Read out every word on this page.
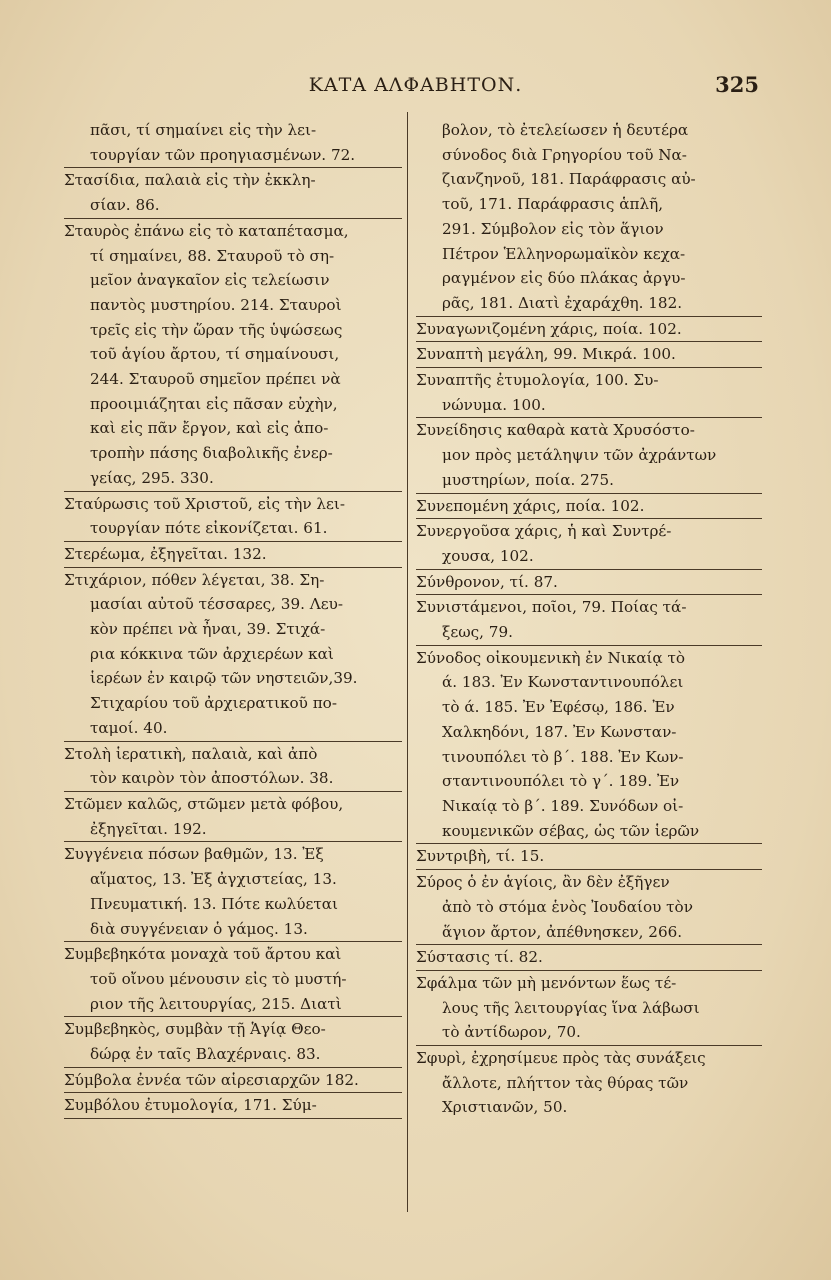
ΚΑΤΑ ΑΛΦΑΒΗΤΟΝ.	325
πᾶσι, τί σημαίνει εἰς τὴν λει-
τουργίαν τῶν προηγιασμένων. 72.
Στασίδια, παλαιὰ εἰς τὴν ἐκκλη-
σίαν. 86.
Σταυρὸς ἐπάνω εἰς τὸ καταπέτασμα,
τί σημαίνει, 88. Σταυροῦ τὸ ση-
μεῖον ἀναγκαῖον εἰς τελείωσιν
παντὸς μυστηρίου. 214. Σταυροὶ
τρεῖς εἰς τὴν ὥραν τῆς ὑψώσεως
τοῦ ἁγίου ἄρτου, τί σημαίνουσι,
244. Σταυροῦ σημεῖον πρέπει νὰ
προοιμιάζηται εἰς πᾶσαν εὐχὴν,
καὶ εἰς πᾶν ἔργον, καὶ εἰς ἀπο-
τροπὴν πάσης διαβολικῆς ἐνερ-
γείας, 295. 330.
Σταύρωσις τοῦ Χριστοῦ, εἰς τὴν λει-
τουργίαν πότε εἰκονίζεται. 61.
Στερέωμα, ἐξηγεῖται. 132.
Στιχάριον, πόθεν λέγεται, 38. Ση-
μασίαι αὐτοῦ τέσσαρες, 39. Λευ-
κὸν πρέπει νὰ ἦναι, 39. Στιχά-
ρια κόκκινα τῶν ἀρχιερέων καὶ
ἱερέων ἐν καιρῷ τῶν νηστειῶν,39.
Στιχαρίου τοῦ ἀρχιερατικοῦ πο-
ταμοί. 40.
Στολὴ ἱερατικὴ, παλαιὰ, καὶ ἀπὸ
τὸν καιρὸν τὸν ἀποστόλων. 38.
Στῶμεν καλῶς, στῶμεν μετὰ φόβου,
ἐξηγεῖται. 192.
Συγγένεια πόσων βαθμῶν, 13. Ἐξ
αἵματος, 13. Ἐξ ἀγχιστείας, 13.
Πνευματική. 13. Πότε κωλύεται
διὰ συγγένειαν ὁ γάμος. 13.
Συμβεβηκότα μοναχὰ τοῦ ἄρτου καὶ
τοῦ οἴνου μένουσιν εἰς τὸ μυστή-
ριον τῆς λειτουργίας, 215. Διατὶ
Συμβεβηκὸς, συμβὰν τῇ Ἁγίᾳ Θεο-
δώρᾳ ἐν ταῖς Βλαχέρναις. 83.
Σύμβολα ἐννέα τῶν αἱρεσιαρχῶν 182.
Συμβόλου ἐτυμολογία, 171. Σύμ-
βολον, τὸ ἐτελείωσεν ἡ δευτέρα
σύνοδος διὰ Γρηγορίου τοῦ Να-
ζιανζηνοῦ, 181. Παράφρασις αὐ-
τοῦ, 171. Παράφρασις ἁπλῆ,
291. Σύμβολον εἰς τὸν ἅγιον
Πέτρον Ἑλληνορωμαϊκὸν κεχα-
ραγμένον εἰς δύο πλάκας ἀργυ-
ρᾶς, 181. Διατὶ ἐχαράχθη. 182.
Συναγωνιζομένη χάρις, ποία. 102.
Συναπτὴ μεγάλη, 99. Μικρά. 100.
Συναπτῆς ἐτυμολογία, 100. Συ-
νώνυμα. 100.
Συνείδησις καθαρὰ κατὰ Χρυσόστο-
μον πρὸς μετάληψιν τῶν ἀχράντων
μυστηρίων, ποία. 275.
Συνεπομένη χάρις, ποία. 102.
Συνεργοῦσα χάρις, ἡ καὶ Συντρέ-
χουσα, 102.
Σύνθρονον, τί. 87.
Συνιστάμενοι, ποῖοι, 79. Ποίας τά-
ξεως, 79.
Σύνοδος οἰκουμενικὴ ἐν Νικαίᾳ τὸ
ά. 183. Ἐν Κωνσταντινουπόλει
τὸ ά. 185. Ἐν Ἐφέσῳ, 186. Ἐν
Χαλκηδόνι, 187. Ἐν Κωνσταν-
τινουπόλει τὸ β΄. 188. Ἐν Κων-
σταντινουπόλει τὸ γ΄. 189. Ἐν
Νικαίᾳ τὸ β΄. 189. Συνόδων οἰ-
κουμενικῶν σέβας, ὡς τῶν ἱερῶν
Συντριβὴ, τί. 15.
Σύρος ὁ ἐν ἁγίοις, ἂν δὲν ἐξῆγεν
ἀπὸ τὸ στόμα ἑνὸς Ἰουδαίου τὸν
ἅγιον ἄρτον, ἀπέθνησκεν, 266.
Σύστασις τί. 82.
Σφάλμα τῶν μὴ μενόντων ἕως τέ-
λους τῆς λειτουργίας ἵνα λάβωσι
τὸ ἀντίδωρον, 70.
Σφυρὶ, ἐχρησίμευε πρὸς τὰς συνάξεις
ἄλλοτε, πλήττον τὰς θύρας τῶν
Χριστιανῶν, 50.
